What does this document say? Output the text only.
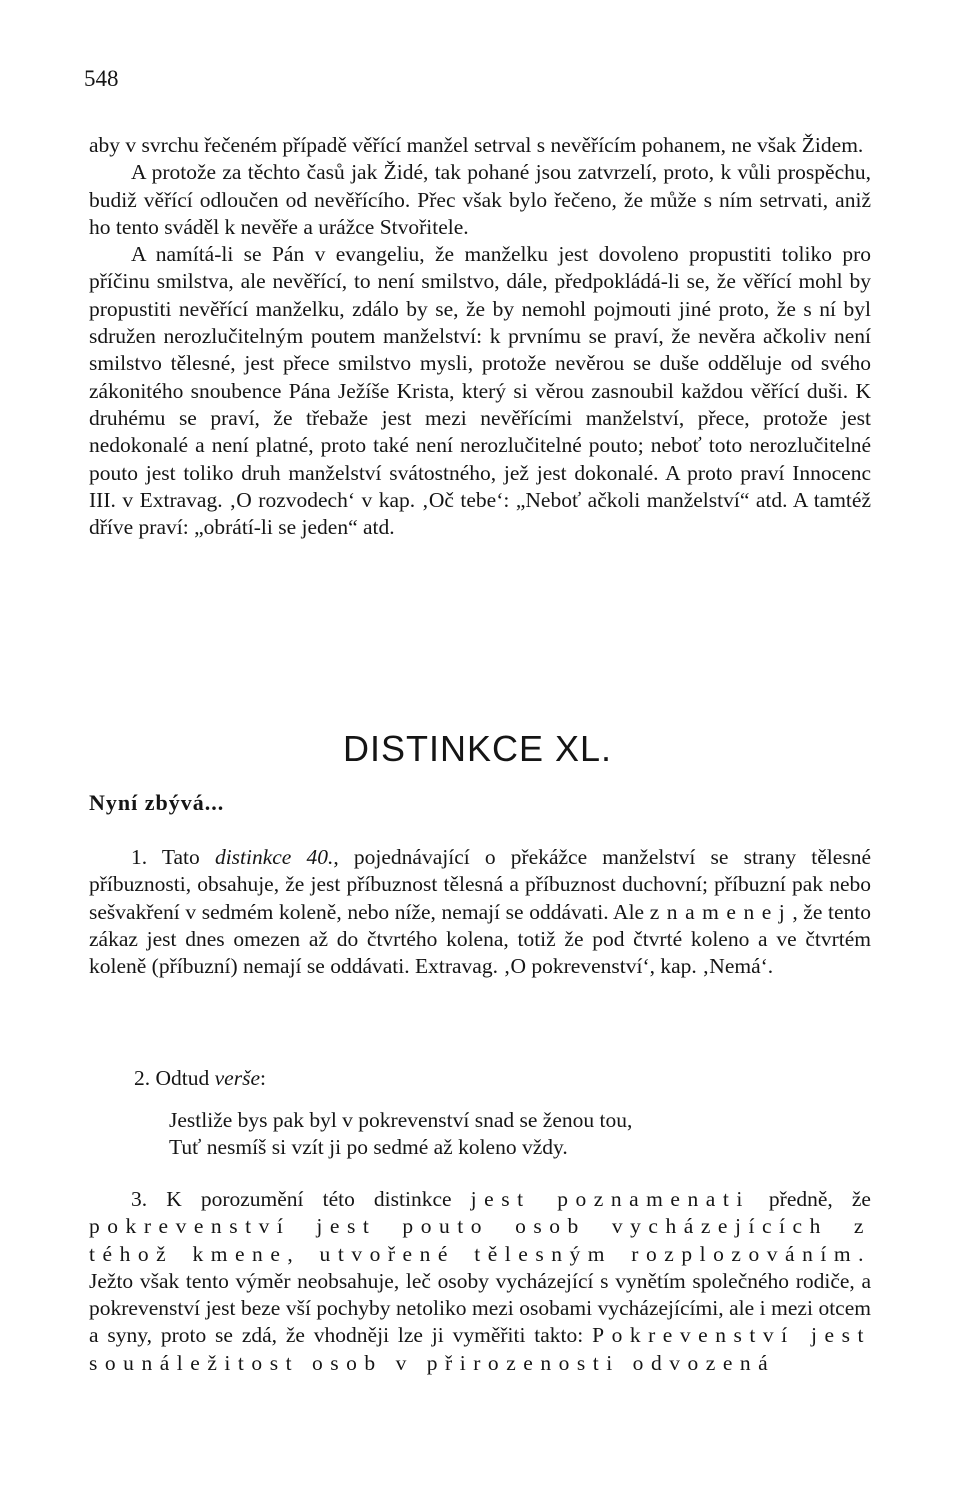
548

aby v svrchu řečeném případě věřící manžel setrval s nevěřícím pohanem, ne však Židem.

A protože za těchto časů jak Židé, tak pohané jsou zatvrzelí, proto, k vůli prospěchu, budiž věřící odloučen od nevěřícího. Přec však bylo řečeno, že může s ním setrvati, aniž ho tento sváděl k nevěře a urážce Stvořitele.

A namítá-li se Pán v evangeliu, že manželku jest dovoleno propustiti toliko pro příčinu smilstva, ale nevěřící, to není smilstvo, dále, předpokládá-li se, že věřící mohl by propustiti nevěřící manželku, zdálo by se, že by nemohl pojmouti jiné proto, že s ní byl sdružen nerozlučitelným poutem manželství: k prvnímu se praví, že nevěra ačkoliv není smilstvo tělesné, jest přece smilstvo mysli, protože nevěrou se duše odděluje od svého zákonitého snoubence Pána Ježíše Krista, který si věrou zasnoubil každou věřící duši. K druhému se praví, že třebaže jest mezi nevěřícími manželství, přece, protože jest nedokonalé a není platné, proto také není nerozlučitelné pouto; neboť toto nerozlučitelné pouto jest toliko druh manželství svátostného, jež jest dokonalé. A proto praví Innocenc III. v Extravag. ‚O rozvodech‘ v kap. ‚Oč tebe‘: „Neboť ačkoli manželství“ atd. A tamtéž dříve praví: „obrátí-li se jeden“ atd.

DISTINKCE XL.
Nyní zbývá...

1. Tato distinkce 40., pojednávající o překážce manželství se strany tělesné příbuznosti, obsahuje, že jest příbuznost tělesná a příbuznost duchovní; příbuzní pak nebo sešvakření v sedmém koleně, nebo níže, nemají se oddávati. Ale znamenej, že tento zákaz jest dnes omezen až do čtvrtého kolena, totiž že pod čtvrté koleno a ve čtvrtém koleně (příbuzní) nemají se oddávati. Extravag. ‚O pokrevenství‘, kap. ‚Nemá‘.

2. Odtud verše:
Jestliže bys pak byl v pokrevenství snad se ženou tou,
Tuť nesmíš si vzít ji po sedmé až koleno vždy.

3. K porozumění této distinkce jest poznamenati předně, že pokrevenství jest pouto osob vycházejících z téhož kmene, utvořené tělesným rozplozováním. Ježto však tento výměr neobsahuje, leč osoby vycházející s vynětím společného rodiče, a pokrevenství jest beze vší pochyby netoliko mezi osobami vycházejícími, ale i mezi otcem a syny, proto se zdá, že vhodněji lze ji vyměřiti takto: Pokrevenství jest sounáležitost osob v přirozenosti odvozená
